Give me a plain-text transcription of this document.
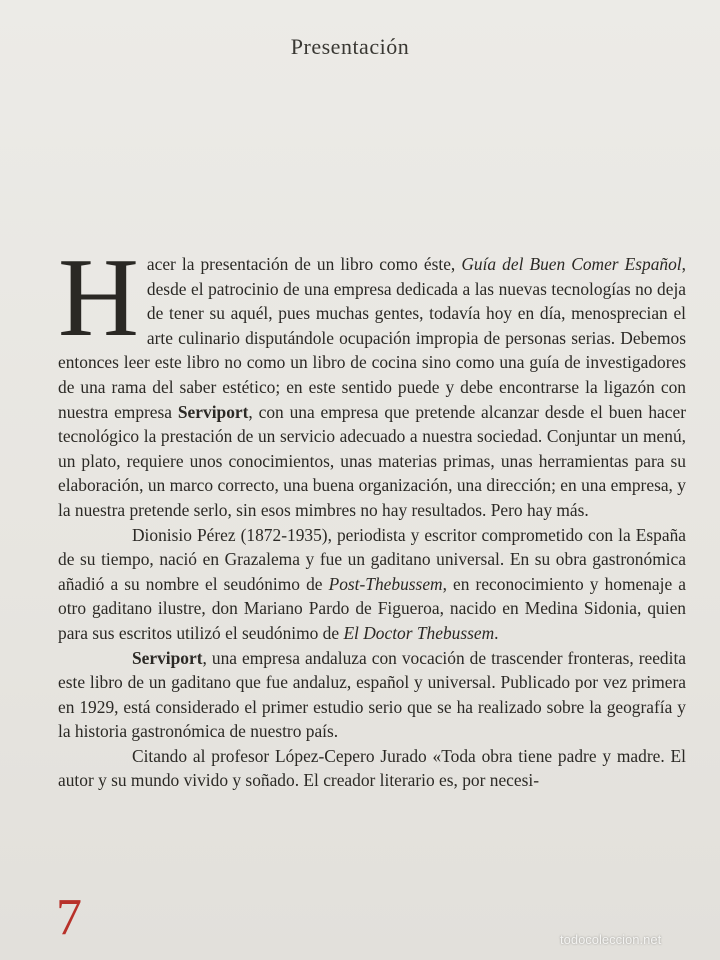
Presentación

Hacer la presentación de un libro como éste, Guía del Buen Comer Español, desde el patrocinio de una empresa dedicada a las nuevas tecnologías no deja de tener su aquél, pues muchas gentes, todavía hoy en día, menosprecian el arte culinario disputándole ocupación impropia de personas serias. Debemos entonces leer este libro no como un libro de cocina sino como una guía de investigadores de una rama del saber estético; en este sentido puede y debe encontrarse la ligazón con nuestra empresa Serviport, con una empresa que pretende alcanzar desde el buen hacer tecnológico la prestación de un servicio adecuado a nuestra sociedad. Conjuntar un menú, un plato, requiere unos conocimientos, unas materias primas, unas herramientas para su elaboración, un marco correcto, una buena organización, una dirección; en una empresa, y la nuestra pretende serlo, sin esos mimbres no hay resultados. Pero hay más.

Dionisio Pérez (1872-1935), periodista y escritor comprometido con la España de su tiempo, nació en Grazalema y fue un gaditano universal. En su obra gastronómica añadió a su nombre el seudónimo de Post-Thebussem, en reconocimiento y homenaje a otro gaditano ilustre, don Mariano Pardo de Figueroa, nacido en Medina Sidonia, quien para sus escritos utilizó el seudónimo de El Doctor Thebussem.

Serviport, una empresa andaluza con vocación de trascender fronteras, reedita este libro de un gaditano que fue andaluz, español y universal. Publicado por vez primera en 1929, está considerado el primer estudio serio que se ha realizado sobre la geografía y la historia gastronómica de nuestro país.

Citando al profesor López-Cepero Jurado «Toda obra tiene padre y madre. El autor y su mundo vivido y soñado. El creador literario es, por necesi-

7	todocoleccion.net
